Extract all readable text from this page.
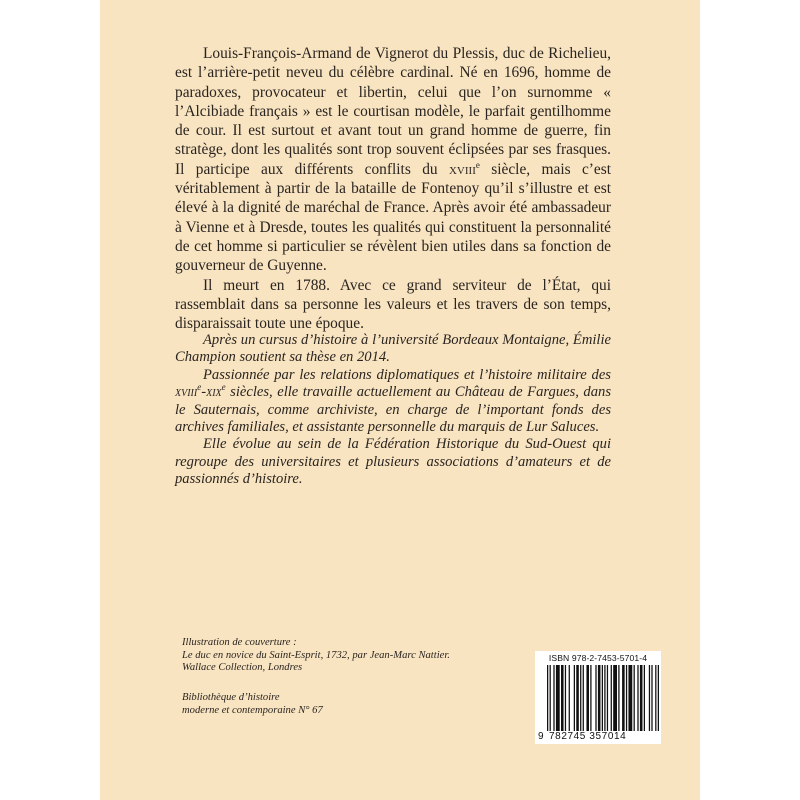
Louis-François-Armand de Vignerot du Plessis, duc de Richelieu, est l’arrière-petit neveu du célèbre cardinal. Né en 1696, homme de paradoxes, provocateur et libertin, celui que l’on surnomme « l’Alcibiade français » est le courtisan modèle, le parfait gentilhomme de cour. Il est surtout et avant tout un grand homme de guerre, fin stratège, dont les qualités sont trop souvent éclipsées par ses frasques. Il participe aux différents conflits du xviii$^e$ siècle, mais c’est véritablement à partir de la bataille de Fontenoy qu’il s’illustre et est élevé à la dignité de maréchal de France. Après avoir été ambassadeur à Vienne et à Dresde, toutes les qualités qui constituent la personnalité de cet homme si particulier se révèlent bien utiles dans sa fonction de gouverneur de Guyenne.

Il meurt en 1788. Avec ce grand serviteur de l’État, qui rassemblait dans sa personne les valeurs et les travers de son temps, disparaissait toute une époque.

Après un cursus d’histoire à l’université Bordeaux Montaigne, Émilie Champion soutient sa thèse en 2014.

Passionnée par les relations diplomatiques et l’histoire militaire des xviii$^e$-xix$^e$ siècles, elle travaille actuellement au Château de Fargues, dans le Sauternais, comme archiviste, en charge de l’important fonds des archives familiales, et assistante personnelle du marquis de Lur Saluces.

Elle évolue au sein de la Fédération Historique du Sud-Ouest qui regroupe des universitaires et plusieurs associations d’amateurs et de passionnés d’histoire.

Illustration de couverture :
Le duc en novice du Saint-Esprit, 1732, par Jean-Marc Nattier.
Wallace Collection, Londres
Bibliothèque d’histoire
moderne et contemporaine N° 67
ISBN 978-2-7453-5701-4
9 782745 357014
